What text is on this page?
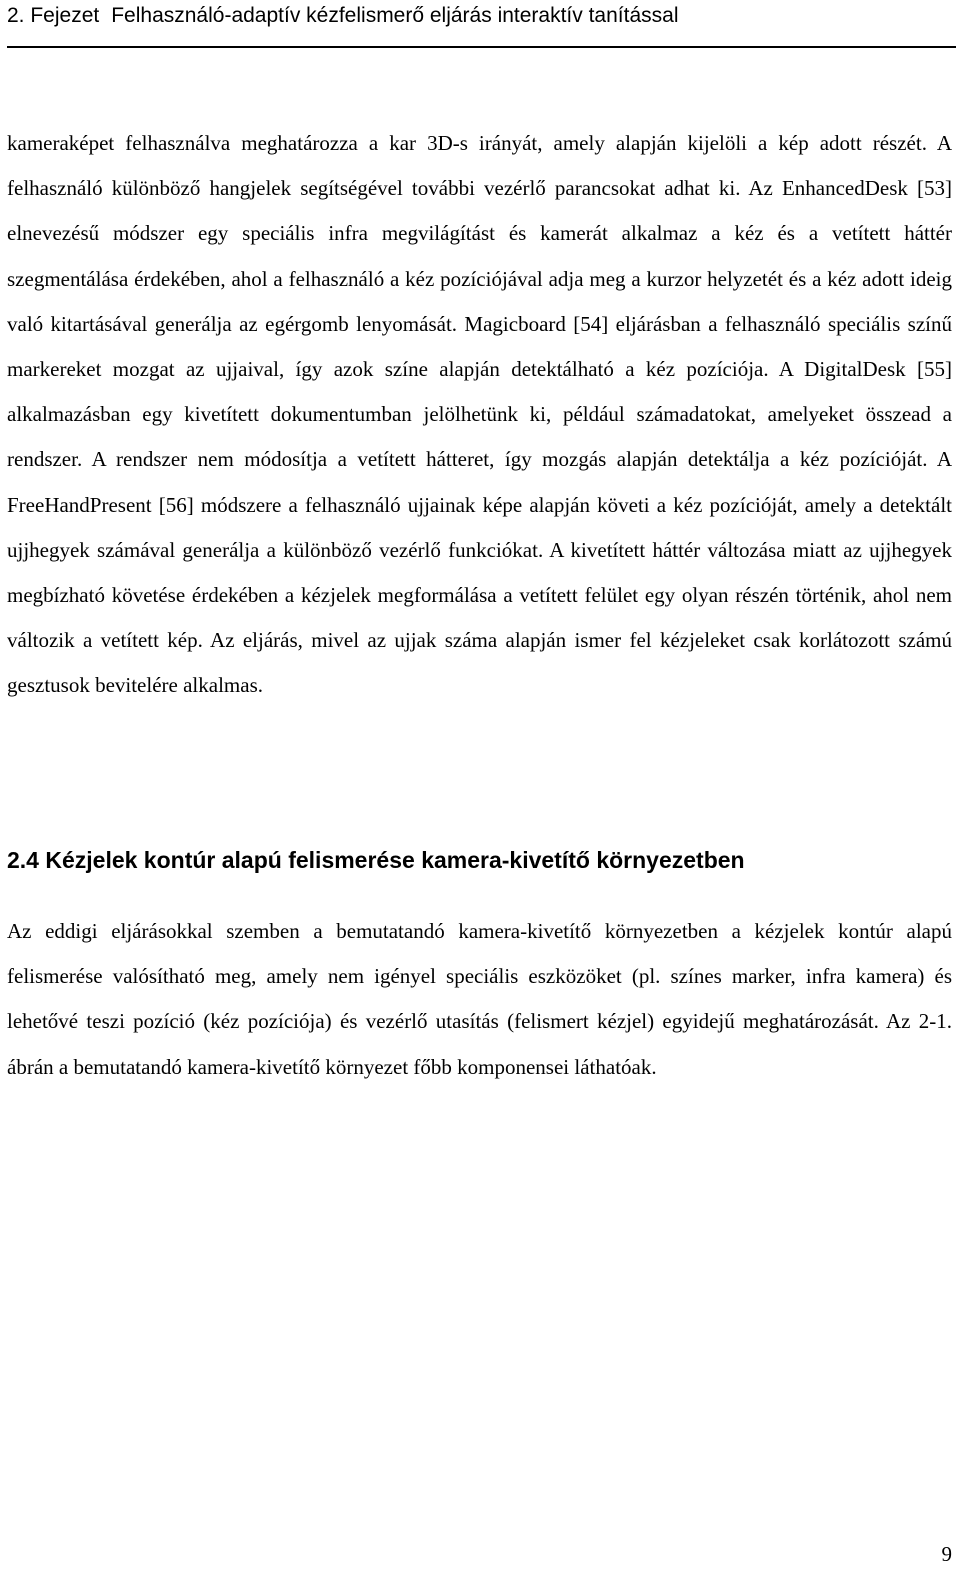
2. Fejezet Felhasználó-adaptív kézfelismerő eljárás interaktív tanítással

kameraképet felhasználva meghatározza a kar 3D-s irányát, amely alapján kijelöli a kép adott részét. A felhasználó különböző hangjelek segítségével további vezérlő parancsokat adhat ki. Az EnhancedDesk [53] elnevezésű módszer egy speciális infra megvilágítást és kamerát alkalmaz a kéz és a vetített háttér szegmentálása érdekében, ahol a felhasználó a kéz pozíciójával adja meg a kurzor helyzetét és a kéz adott ideig való kitartásával generálja az egérgomb lenyomását. Magicboard [54] eljárásban a felhasználó speciális színű markereket mozgat az ujjaival, így azok színe alapján detektálható a kéz pozíciója. A DigitalDesk [55] alkalmazásban egy kivetített dokumentumban jelölhetünk ki, például számadatokat, amelyeket összead a rendszer. A rendszer nem módosítja a vetített hátteret, így mozgás alapján detektálja a kéz pozícióját. A FreeHandPresent [56] módszere a felhasználó ujjainak képe alapján követi a kéz pozícióját, amely a detektált ujjhegyek számával generálja a különböző vezérlő funkciókat. A kivetített háttér változása miatt az ujjhegyek megbízható követése érdekében a kézjelek megformálása a vetített felület egy olyan részén történik, ahol nem változik a vetített kép. Az eljárás, mivel az ujjak száma alapján ismer fel kézjeleket csak korlátozott számú gesztusok bevitelére alkalmas.

2.4 Kézjelek kontúr alapú felismerése kamera-kivetítő környezetben

Az eddigi eljárásokkal szemben a bemutatandó kamera-kivetítő környezetben a kézjelek kontúr alapú felismerése valósítható meg, amely nem igényel speciális eszközöket (pl. színes marker, infra kamera) és lehetővé teszi pozíció (kéz pozíciója) és vezérlő utasítás (felismert kézjel) egyidejű meghatározását. Az 2-1. ábrán a bemutatandó kamera-kivetítő környezet főbb komponensei láthatóak.

9
